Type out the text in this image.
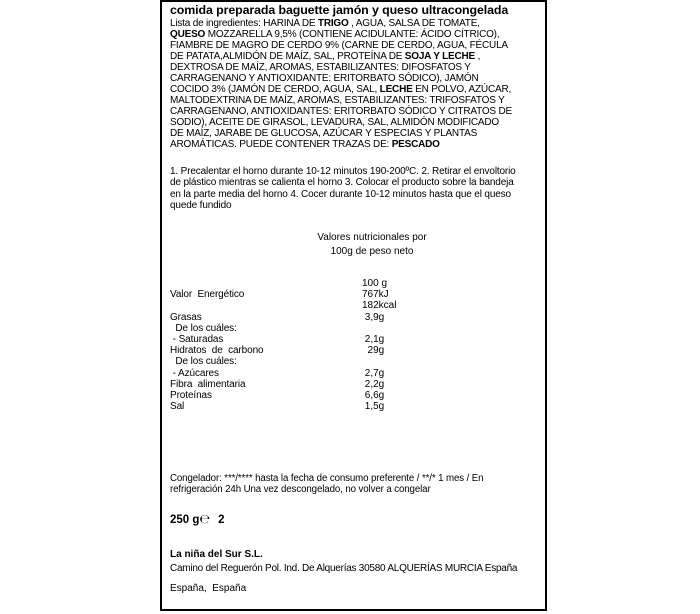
comida preparada baguette jamón y queso ultracongelada
Lista de ingredientes: HARINA DE TRIGO , AGUA, SALSA DE TOMATE,
QUESO MOZZARELLA 9,5% (CONTIENE ACIDULANTE: ÁCIDO CÍTRICO),
FIAMBRE DE MAGRO DE CERDO 9% (CARNE DE CERDO, AGUA, FÉCULA
DE PATATA,ALMIDÓN DE MAÍZ, SAL, PROTEÍNA DE SOJA Y LECHE ,
DEXTROSA DE MAÍZ, AROMAS, ESTABILIZANTES: DIFOSFATOS Y
CARRAGENANO Y ANTIOXIDANTE: ERITORBATO SÓDICO), JAMÓN
COCIDO 3% (JAMÓN DE CERDO, AGUA, SAL, LECHE EN POLVO, AZÚCAR,
MALTODEXTRINA DE MAÍZ, AROMAS, ESTABILIZANTES: TRIFOSFATOS Y
CARRAGENANO, ANTIOXIDANTES: ERITORBATO SÓDICO Y CITRATOS DE
SODIO), ACEITE DE GIRASOL, LEVADURA, SAL, ALMIDÓN MODIFICADO
DE MAÍZ, JARABE DE GLUCOSA, AZÚCAR Y ESPECIAS Y PLANTAS
AROMÁTICAS. PUEDE CONTENER TRAZAS DE: PESCADO
1. Precalentar el horno durante 10-12 minutos 190-200ºC. 2. Retirar el envoltorio
de plástico mientras se calienta el horno 3. Colocar el producto sobre la bandeja
en la parte media del horno 4. Cocer durante 10-12 minutos hasta que el queso
quede fundido
Valores nutricionales por
100g de peso neto
100 g
Valor  Energético	767kJ
182kcal
Grasas	3,9g
De los cuáles:
- Saturadas	2,1g
Hidratos  de  carbono	29g
De los cuáles:
- Azúcares	2,7g
Fibra  alimentaria	2,2g
Proteínas	6,6g
Sal	1,5g
Congelador: ***/**** hasta la fecha de consumo preferente / **/* 1 mes / En
refrigeración 24h Una vez descongelado, no volver a congelar
250 g℮ 2
La niña del Sur S.L.
Camino del Reguerón Pol. Ind. De Alquerías 30580 ALQUERÍAS MURCIA España
España,  España
